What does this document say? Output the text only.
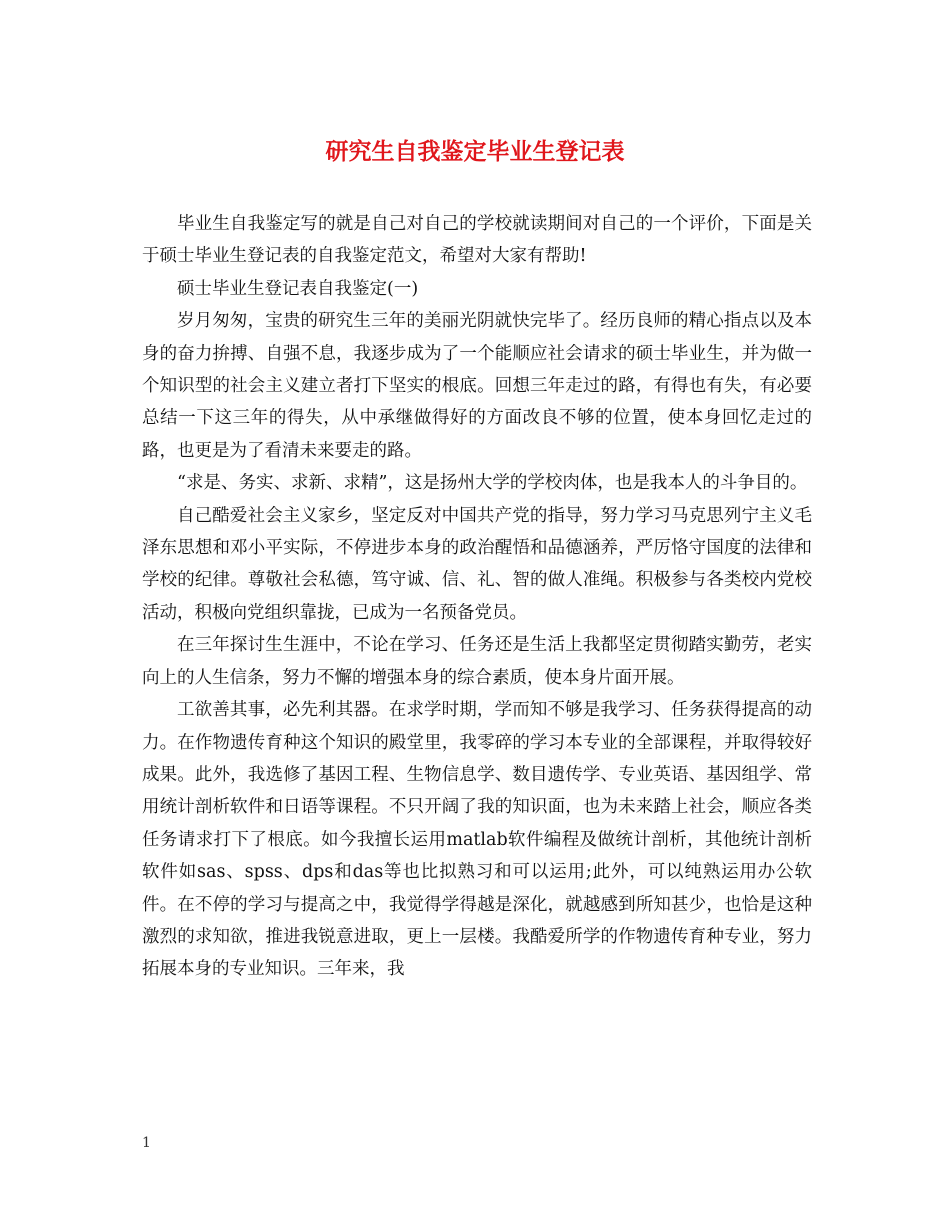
研究生自我鉴定毕业生登记表

毕业生自我鉴定写的就是自己对自己的学校就读期间对自己的一个评价，下面是关于硕士毕业生登记表的自我鉴定范文，希望对大家有帮助!

硕士毕业生登记表自我鉴定(一)

岁月匆匆，宝贵的研究生三年的美丽光阴就快完毕了。经历良师的精心指点以及本身的奋力拚搏、自强不息，我逐步成为了一个能顺应社会请求的硕士毕业生，并为做一个知识型的社会主义建立者打下坚实的根底。回想三年走过的路，有得也有失，有必要总结一下这三年的得失，从中承继做得好的方面改良不够的位置，使本身回忆走过的路，也更是为了看清未来要走的路。

“求是、务实、求新、求精”，这是扬州大学的学校肉体，也是我本人的斗争目的。

自己酷爱社会主义家乡，坚定反对中国共产党的指导，努力学习马克思列宁主义毛泽东思想和邓小平实际，不停进步本身的政治醒悟和品德涵养，严厉恪守国度的法律和学校的纪律。尊敬社会私德，笃守诚、信、礼、智的做人准绳。积极参与各类校内党校活动，积极向党组织靠拢，已成为一名预备党员。

在三年探讨生生涯中，不论在学习、任务还是生活上我都坚定贯彻踏实勤劳，老实向上的人生信条，努力不懈的增强本身的综合素质，使本身片面开展。

工欲善其事，必先利其器。在求学时期，学而知不够是我学习、任务获得提高的动力。在作物遗传育种这个知识的殿堂里，我零碎的学习本专业的全部课程，并取得较好成果。此外，我选修了基因工程、生物信息学、数目遗传学、专业英语、基因组学、常用统计剖析软件和日语等课程。不只开阔了我的知识面，也为未来踏上社会，顺应各类任务请求打下了根底。如今我擅长运用matlab软件编程及做统计剖析，其他统计剖析软件如sas、spss、dps和das等也比拟熟习和可以运用;此外，可以纯熟运用办公软件。在不停的学习与提高之中，我觉得学得越是深化，就越感到所知甚少，也恰是这种激烈的求知欲，推进我锐意进取，更上一层楼。我酷爱所学的作物遗传育种专业，努力拓展本身的专业知识。三年来，我

1
